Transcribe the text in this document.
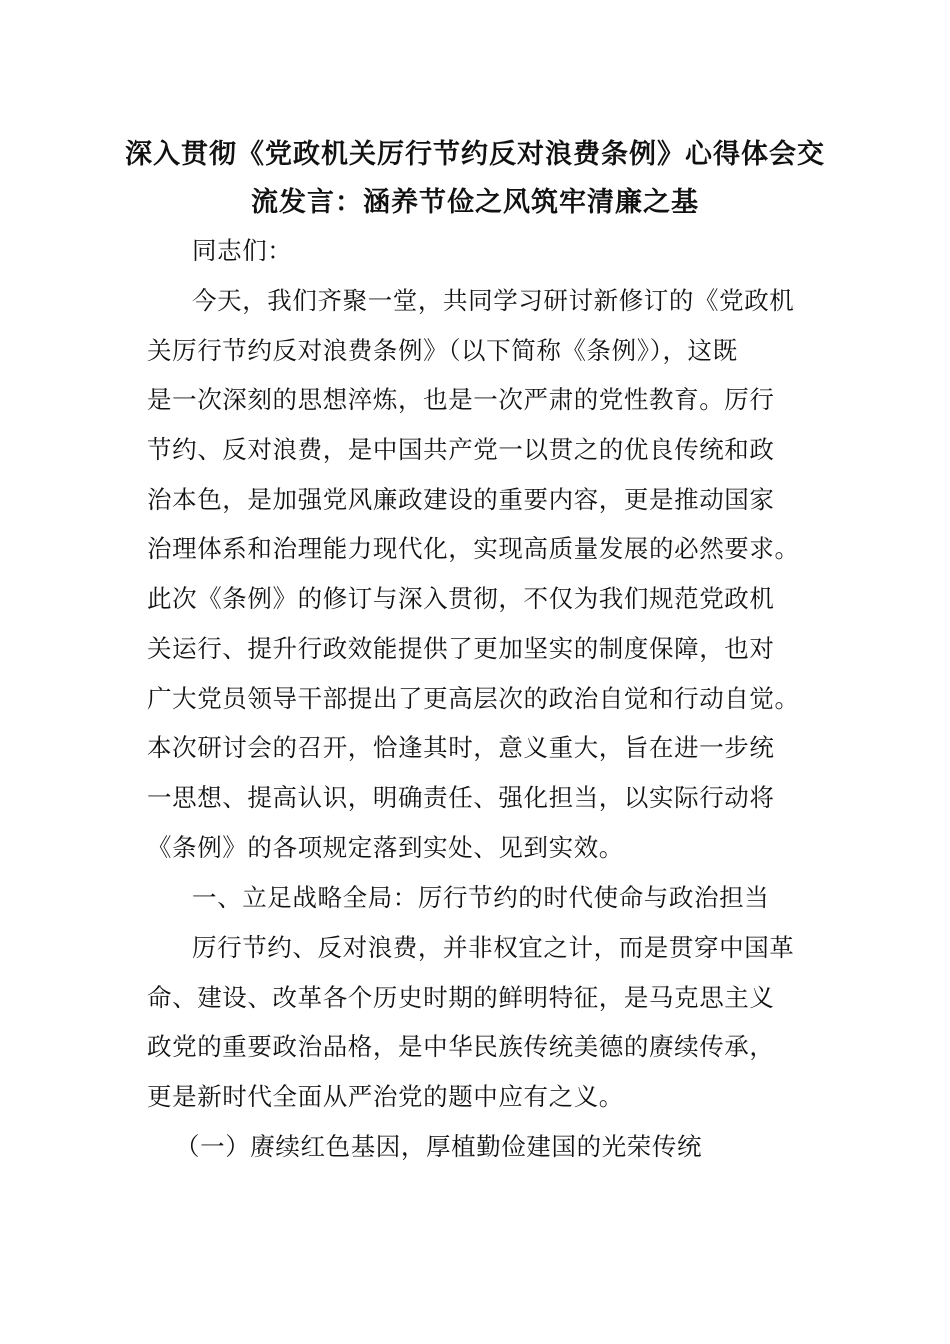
深入贯彻《党政机关厉行节约反对浪费条例》心得体会交
流发言：涵养节俭之风筑牢清廉之基
同志们：
今天，我们齐聚一堂，共同学习研讨新修订的《党政机
关厉行节约反对浪费条例》（以下简称《条例》），这既
是一次深刻的思想淬炼，也是一次严肃的党性教育。厉行
节约、反对浪费，是中国共产党一以贯之的优良传统和政
治本色，是加强党风廉政建设的重要内容，更是推动国家
治理体系和治理能力现代化，实现高质量发展的必然要求。
此次《条例》的修订与深入贯彻，不仅为我们规范党政机
关运行、提升行政效能提供了更加坚实的制度保障，也对
广大党员领导干部提出了更高层次的政治自觉和行动自觉。
本次研讨会的召开，恰逢其时，意义重大，旨在进一步统
一思想、提高认识，明确责任、强化担当，以实际行动将
《条例》的各项规定落到实处、见到实效。
一、立足战略全局：厉行节约的时代使命与政治担当
厉行节约、反对浪费，并非权宜之计，而是贯穿中国革
命、建设、改革各个历史时期的鲜明特征，是马克思主义
政党的重要政治品格，是中华民族传统美德的赓续传承，
更是新时代全面从严治党的题中应有之义。
（一）赓续红色基因，厚植勤俭建国的光荣传统
